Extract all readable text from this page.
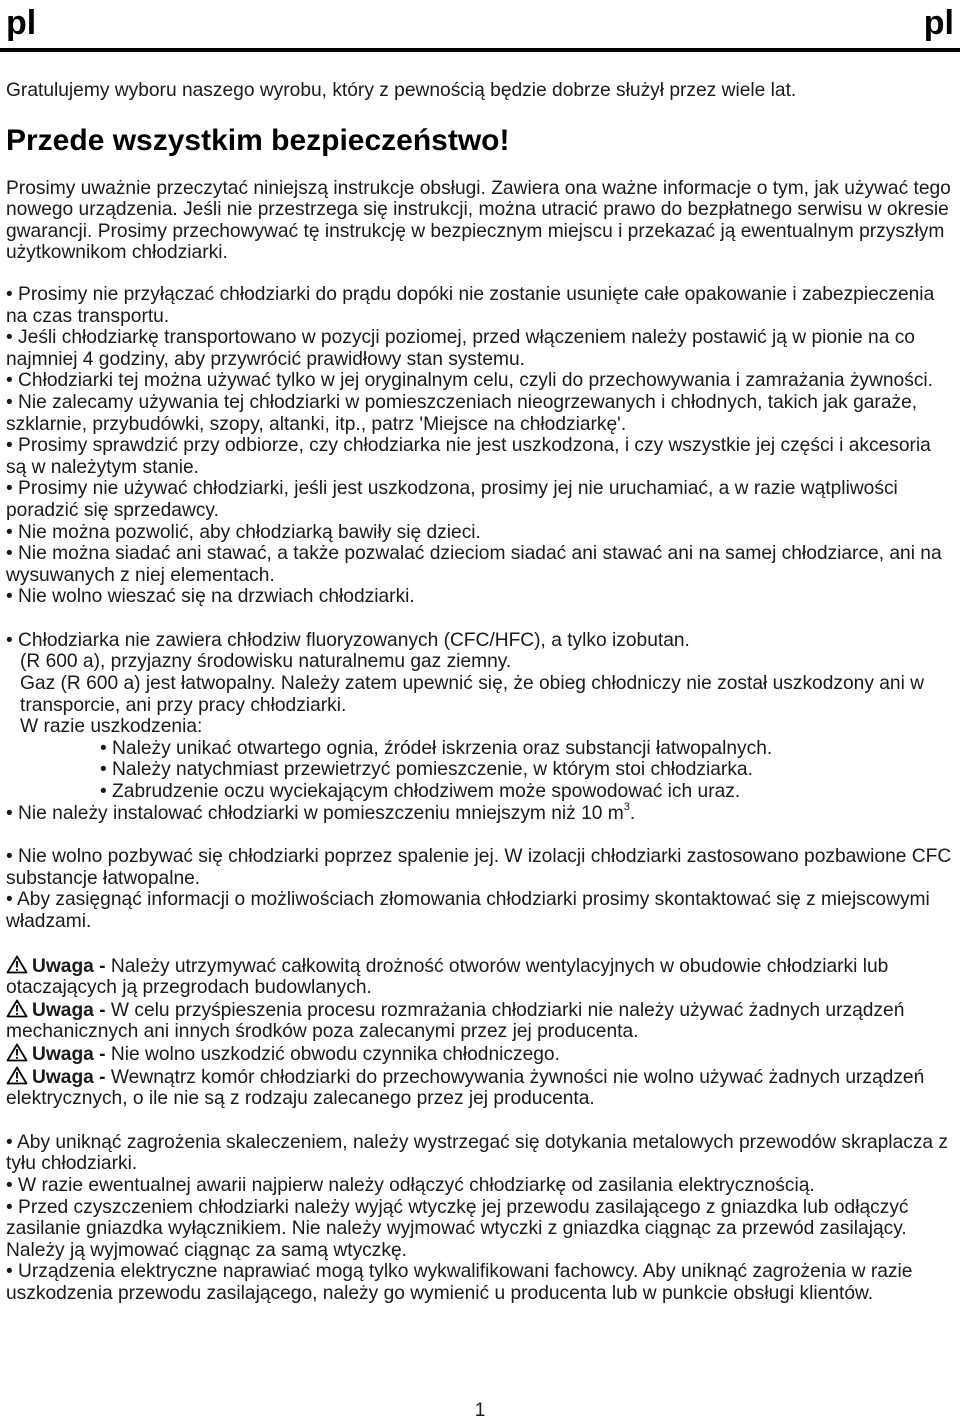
pl	pl

Gratulujemy wyboru naszego wyrobu, który z pewnością będzie dobrze służył przez wiele lat.

Przede wszystkim bezpieczeństwo!

Prosimy uważnie przeczytać niniejszą instrukcje obsługi. Zawiera ona ważne informacje o tym, jak używać tego nowego urządzenia. Jeśli nie przestrzega się instrukcji, można utracić prawo do bezpłatnego serwisu w okresie gwarancji. Prosimy przechowywać tę instrukcję w bezpiecznym miejscu i przekazać ją ewentualnym przyszłym użytkownikom chłodziarki.

• Prosimy nie przyłączać chłodziarki do prądu dopóki nie zostanie usunięte całe opakowanie i zabezpieczenia na czas transportu.

• Jeśli chłodziarkę transportowano w pozycji poziomej, przed włączeniem należy postawić ją w pionie na co najmniej 4 godziny, aby przywrócić prawidłowy stan systemu.

• Chłodziarki tej można używać tylko w jej oryginalnym celu, czyli do przechowywania i zamrażania żywności.

• Nie zalecamy używania tej chłodziarki w pomieszczeniach nieogrzewanych i chłodnych, takich jak garaże, szklarnie, przybudówki, szopy, altanki, itp., patrz 'Miejsce na chłodziarkę'.

• Prosimy sprawdzić przy odbiorze, czy chłodziarka nie jest uszkodzona, i czy wszystkie jej części i akcesoria są w należytym stanie.

• Prosimy nie używać chłodziarki, jeśli jest uszkodzona, prosimy jej nie uruchamiać, a w razie wątpliwości poradzić się sprzedawcy.

• Nie można pozwolić, aby chłodziarką bawiły się dzieci.

• Nie można siadać ani stawać, a także pozwalać dzieciom siadać ani stawać ani na samej chłodziarce, ani na wysuwanych z niej elementach.

• Nie wolno wieszać się na drzwiach chłodziarki.

• Chłodziarka nie zawiera chłodziw fluoryzowanych (CFC/HFC), a tylko izobutan.

(R 600 a), przyjazny środowisku naturalnemu gaz ziemny.

Gaz (R 600 a) jest łatwopalny. Należy zatem upewnić się, że obieg chłodniczy nie został uszkodzony ani w transporcie, ani przy pracy chłodziarki.

W razie uszkodzenia:

• Należy unikać otwartego ognia, źródeł iskrzenia oraz substancji łatwopalnych.

• Należy natychmiast przewietrzyć pomieszczenie, w którym stoi chłodziarka.

• Zabrudzenie oczu wyciekającym chłodziwem może spowodować ich uraz.

• Nie należy instalować chłodziarki w pomieszczeniu mniejszym niż 10 $m^3$.

• Nie wolno pozbywać się chłodziarki poprzez spalenie jej. W izolacji chłodziarki zastosowano pozbawione CFC substancje łatwopalne.

• Aby zasięgnąć informacji o możliwościach złomowania chłodziarki prosimy skontaktować się z miejscowymi władzami.

Uwaga - Należy utrzymywać całkowitą drożność otworów wentylacyjnych w obudowie chłodziarki lub otaczających ją przegrodach budowlanych.

Uwaga - W celu przyśpieszenia procesu rozmrażania chłodziarki nie należy używać żadnych urządzeń mechanicznych ani innych środków poza zalecanymi przez jej producenta.

Uwaga - Nie wolno uszkodzić obwodu czynnika chłodniczego.

Uwaga - Wewnątrz komór chłodziarki do przechowywania żywności nie wolno używać żadnych urządzeń elektrycznych, o ile nie są z rodzaju zalecanego przez jej producenta.

• Aby uniknąć zagrożenia skaleczeniem, należy wystrzegać się dotykania metalowych przewodów skraplacza z tyłu chłodziarki.

• W razie ewentualnej awarii najpierw należy odłączyć chłodziarkę od zasilania elektrycznością.

• Przed czyszczeniem chłodziarki należy wyjąć wtyczkę jej przewodu zasilającego z gniazdka lub odłączyć zasilanie gniazdka wyłącznikiem. Nie należy wyjmować wtyczki z gniazdka ciągnąc za przewód zasilający. Należy ją wyjmować ciągnąc za samą wtyczkę.

• Urządzenia elektryczne naprawiać mogą tylko wykwalifikowani fachowcy. Aby uniknąć zagrożenia w razie uszkodzenia przewodu zasilającego, należy go wymienić u producenta lub w punkcie obsługi klientów.

1
